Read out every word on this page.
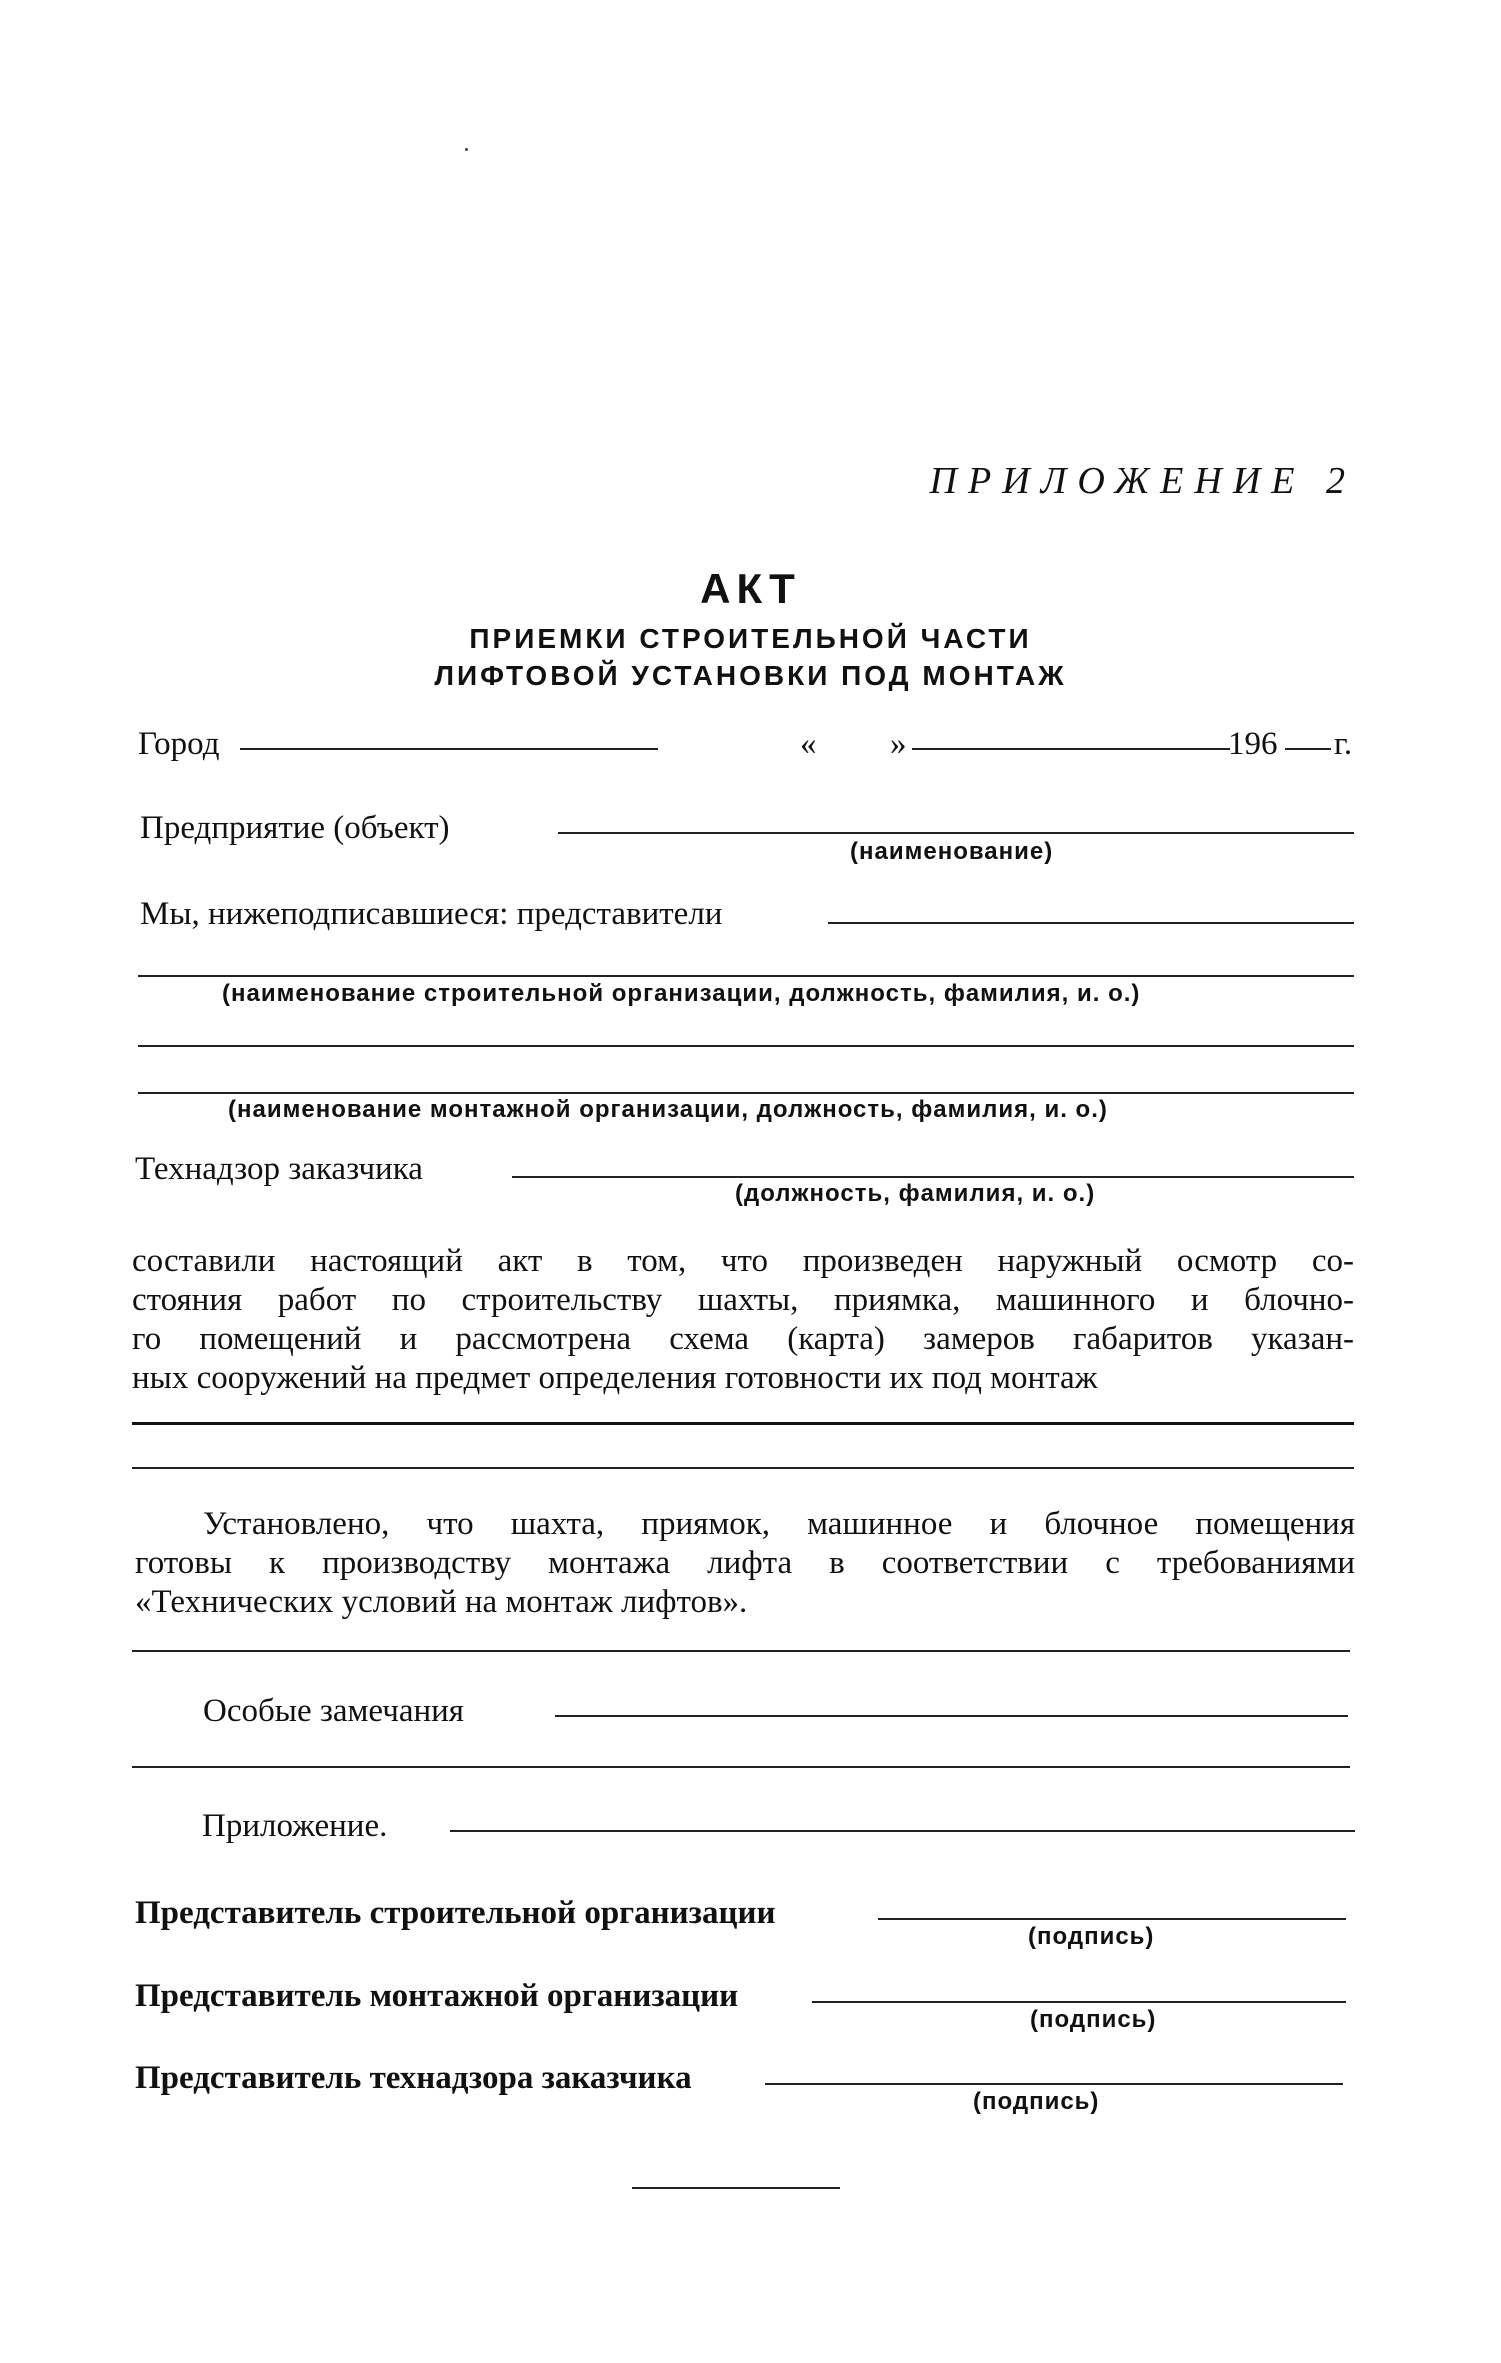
ПРИЛОЖЕНИЕ 2
АКТ
ПРИЕМКИ СТРОИТЕЛЬНОЙ ЧАСТИ
ЛИФТОВОЙ УСТАНОВКИ ПОД МОНТАЖ
Город	« »	196 г.
Предприятие (объект)
(наименование)
Мы, нижеподписавшиеся: представители
(наименование строительной организации, должность, фамилия, и. о.)
(наименование монтажной организации, должность, фамилия, и. о.)
Технадзор заказчика
(должность, фамилия, и. о.)
составили настоящий акт в том, что произведен наружный осмотр со-
стояния работ по строительству шахты, приямка, машинного и блочно-
го помещений и рассмотрена схема (карта) замеров габаритов указан-
ных сооружений на предмет определения готовности их под монтаж
Установлено, что шахта, приямок, машинное и блочное помещения
готовы к производству монтажа лифта в соответствии с требованиями
«Технических условий на монтаж лифтов».
Особые замечания
Приложение.
Представитель строительной организации
(подпись)
Представитель монтажной организации
(подпись)
Представитель технадзора заказчика
(подпись)
